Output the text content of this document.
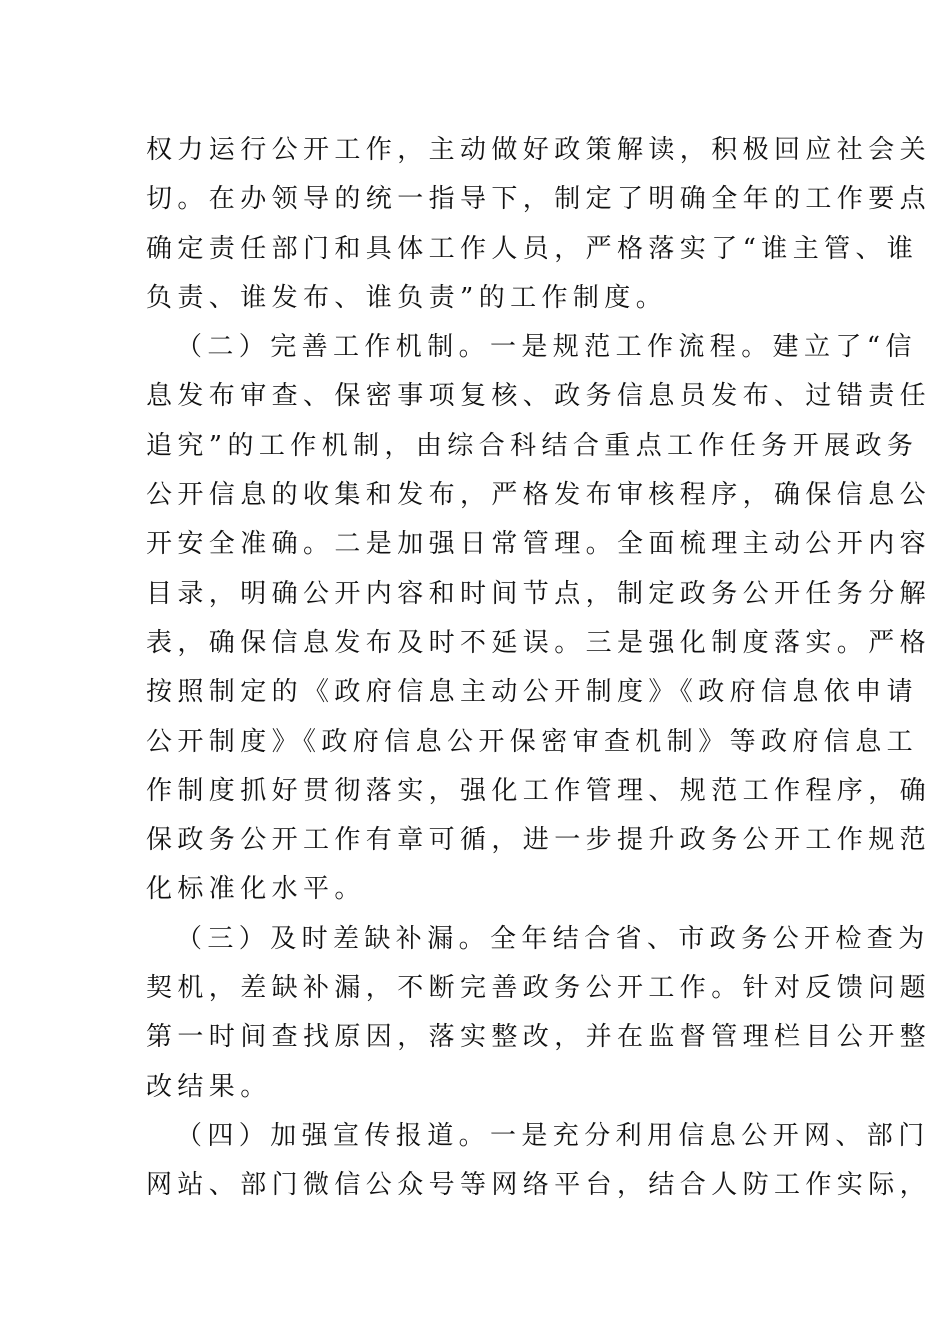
权力运行公开工作，主动做好政策解读，积极回应社会关
切。在办领导的统一指导下，制定了明确全年的工作要点
确定责任部门和具体工作人员，严格落实了“谁主管、谁
负责、谁发布、谁负责”的工作制度。
（二）完善工作机制。一是规范工作流程。建立了“信
息发布审查、保密事项复核、政务信息员发布、过错责任
追究”的工作机制，由综合科结合重点工作任务开展政务
公开信息的收集和发布，严格发布审核程序，确保信息公
开安全准确。二是加强日常管理。全面梳理主动公开内容
目录，明确公开内容和时间节点，制定政务公开任务分解
表，确保信息发布及时不延误。三是强化制度落实。严格
按照制定的《政府信息主动公开制度》《政府信息依申请
公开制度》《政府信息公开保密审查机制》等政府信息工
作制度抓好贯彻落实，强化工作管理、规范工作程序，确
保政务公开工作有章可循，进一步提升政务公开工作规范
化标准化水平。
（三）及时差缺补漏。全年结合省、市政务公开检查为
契机，差缺补漏，不断完善政务公开工作。针对反馈问题
第一时间查找原因，落实整改，并在监督管理栏目公开整
改结果。
（四）加强宣传报道。一是充分利用信息公开网、部门
网站、部门微信公众号等网络平台，结合人防工作实际，
